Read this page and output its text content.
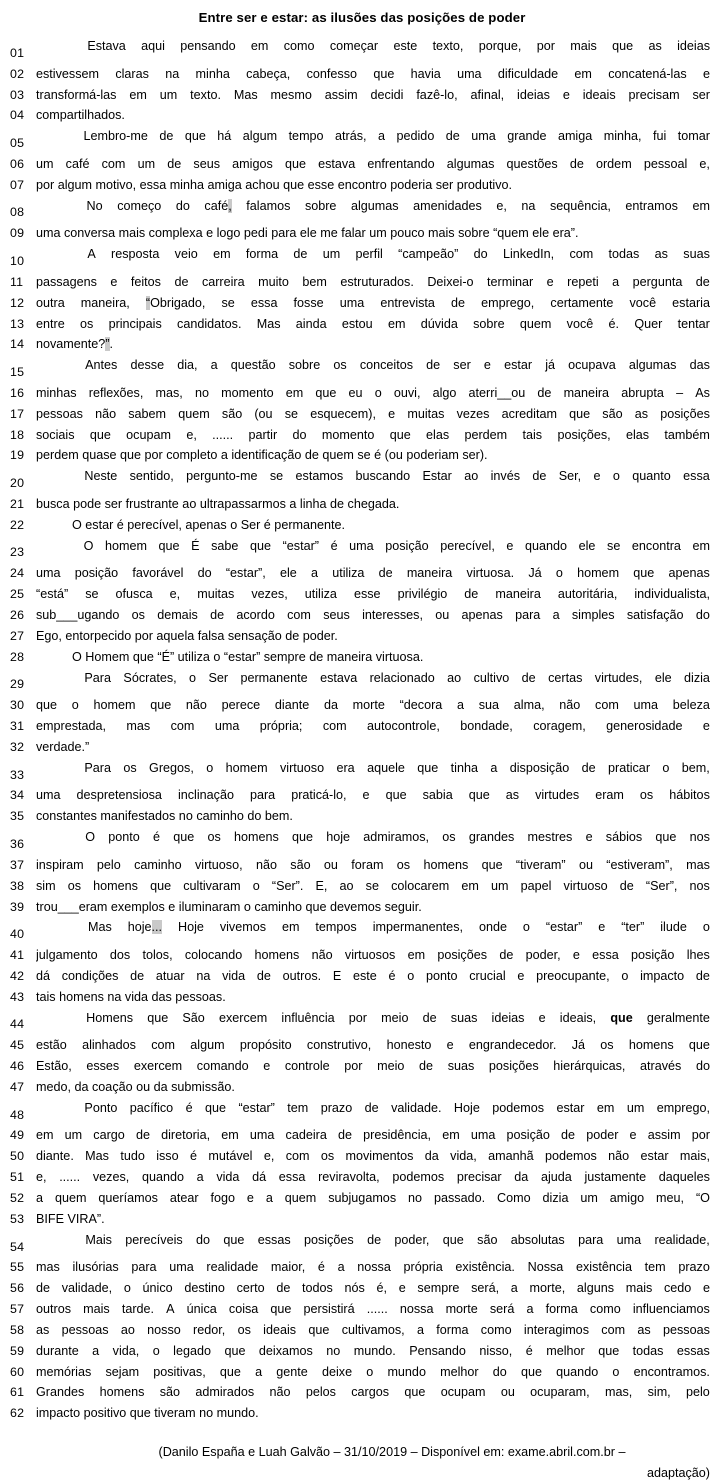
Entre ser e estar: as ilusões das posições de poder
01	Estava aqui pensando em como começar este texto, porque, por mais que as ideias
02 estivessem claras na minha cabeça, confesso que havia uma dificuldade em concatená-las e
03 transformá-las em um texto. Mas mesmo assim decidi fazê-lo, afinal, ideias e ideais precisam ser
04 compartilhados.
05	Lembro-me de que há algum tempo atrás, a pedido de uma grande amiga minha, fui tomar
06 um café com um de seus amigos que estava enfrentando algumas questões de ordem pessoal e,
07 por algum motivo, essa minha amiga achou que esse encontro poderia ser produtivo.
08	No começo do café, falamos sobre algumas amenidades e, na sequência, entramos em
09 uma conversa mais complexa e logo pedi para ele me falar um pouco mais sobre “quem ele era”.
10	A resposta veio em forma de um perfil “campeão” do LinkedIn, com todas as suas
11	passagens e feitos de carreira muito bem estruturados. Deixei-o terminar e repeti a pergunta de
12 outra maneira, “Obrigado, se essa fosse uma entrevista de emprego, certamente você estaria
13 entre os principais candidatos. Mas ainda estou em dúvida sobre quem você é. Quer tentar
14 novamente?”.
15	Antes desse dia, a questão sobre os conceitos de ser e estar já ocupava algumas das
16 minhas reflexões, mas, no momento em que eu o ouvi, algo aterri__ou de maneira abrupta – As
17 pessoas não sabem quem são (ou se esquecem), e muitas vezes acreditam que são as posições
18 sociais que ocupam e, ...... partir do momento que elas perdem tais posições, elas também
19 perdem quase que por completo a identificação de quem se é (ou poderiam ser).
20	Neste sentido, pergunto-me se estamos buscando Estar ao invés de Ser, e o quanto essa
21 busca pode ser frustrante ao ultrapassarmos a linha de chegada.
22	O estar é perecível, apenas o Ser é permanente.
23	O homem que É sabe que “estar” é uma posição perecível, e quando ele se encontra em
24 uma posição favorável do “estar”, ele a utiliza de maneira virtuosa. Já o homem que apenas
25 “está” se ofusca e, muitas vezes, utiliza esse privilégio de maneira autoritária, individualista,
26 sub___ugando os demais de acordo com seus interesses, ou apenas para a simples satisfação do
27 Ego, entorpecido por aquela falsa sensação de poder.
28	O Homem que “É” utiliza o “estar” sempre de maneira virtuosa.
29	Para Sócrates, o Ser permanente estava relacionado ao cultivo de certas virtudes, ele dizia
30 que o homem que não perece diante da morte “decora a sua alma, não com uma beleza
31 emprestada, mas com uma própria; com autocontrole, bondade, coragem, generosidade e
32 verdade.”
33	Para os Gregos, o homem virtuoso era aquele que tinha a disposição de praticar o bem,
34 uma despretensiosa inclinação para praticá-lo, e que sabia que as virtudes eram os hábitos
35 constantes manifestados no caminho do bem.
36	O ponto é que os homens que hoje admiramos, os grandes mestres e sábios que nos
37 inspiram pelo caminho virtuoso, não são ou foram os homens que “tiveram” ou “estiveram”, mas
38 sim os homens que cultivaram o “Ser”. E, ao se colocarem em um papel virtuoso de “Ser”, nos
39 trou___eram exemplos e iluminaram o caminho que devemos seguir.
40	Mas hoje... Hoje vivemos em tempos impermanentes, onde o “estar” e “ter” ilude o
41 julgamento dos tolos, colocando homens não virtuosos em posições de poder, e essa posição lhes
42 dá condições de atuar na vida de outros. E este é o ponto crucial e preocupante, o impacto de
43 tais homens na vida das pessoas.
44	Homens que São exercem influência por meio de suas ideias e ideais, que geralmente
45 estão alinhados com algum propósito construtivo, honesto e engrandecedor. Já os homens que
46 Estão, esses exercem comando e controle por meio de suas posições hierárquicas, através do
47 medo, da coação ou da submissão.
48	Ponto pacífico é que “estar” tem prazo de validade. Hoje podemos estar em um emprego,
49 em um cargo de diretoria, em uma cadeira de presidência, em uma posição de poder e assim por
50 diante. Mas tudo isso é mutável e, com os movimentos da vida, amanhã podemos não estar mais,
51 e, ...... vezes, quando a vida dá essa reviravolta, podemos precisar da ajuda justamente daqueles
52 a quem queríamos atear fogo e a quem subjugamos no passado. Como dizia um amigo meu, “O
53 BIFE VIRA”.
54	Mais perecíveis do que essas posições de poder, que são absolutas para uma realidade,
55 mas ilusórias para uma realidade maior, é a nossa própria existência. Nossa existência tem prazo
56 de validade, o único destino certo de todos nós é, e sempre será, a morte, alguns mais cedo e
57 outros mais tarde. A única coisa que persistirá ...... nossa morte será a forma como influenciamos
58 as pessoas ao nosso redor, os ideais que cultivamos, a forma como interagimos com as pessoas
59 durante a vida, o legado que deixamos no mundo. Pensando nisso, é melhor que todas essas
60 memórias sejam positivas, que a gente deixe o mundo melhor do que quando o encontramos.
61 Grandes homens são admirados não pelos cargos que ocupam ou ocuparam, mas, sim, pelo
62 impacto positivo que tiveram no mundo.
(Danilo España e Luah Galvão – 31/10/2019 – Disponível em: exame.abril.com.br –
adaptação)
